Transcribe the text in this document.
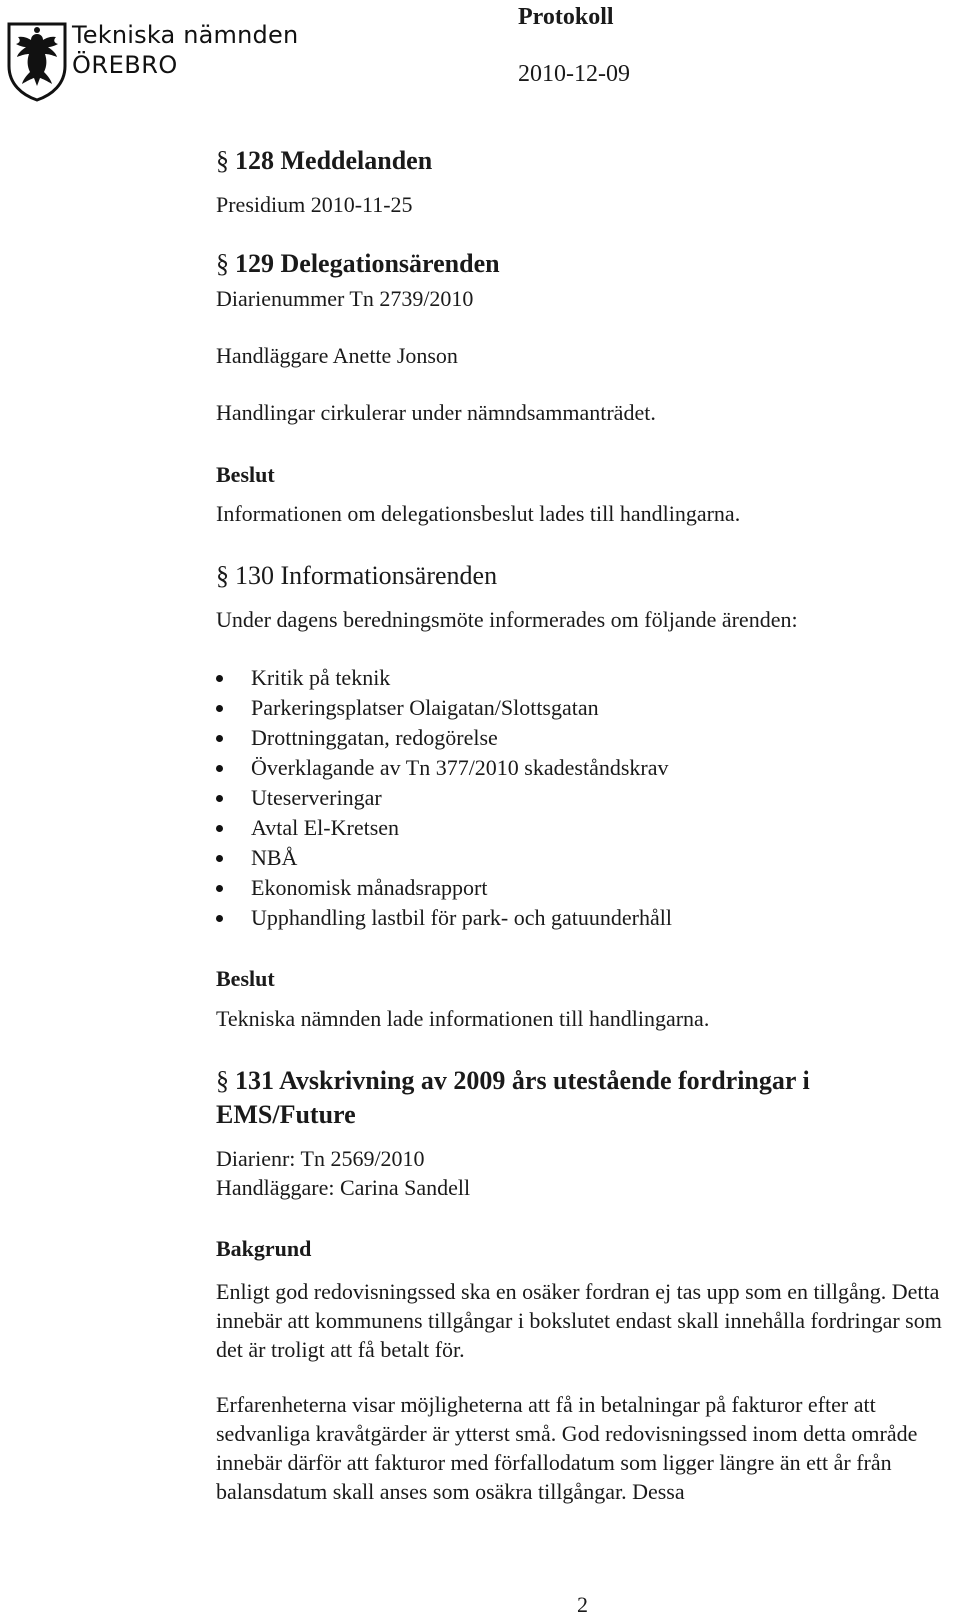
Tekniska nämnden
ÖREBRO
Protokoll
2010-12-09
§ 128 Meddelanden
Presidium 2010-11-25
§ 129 Delegationsärenden
Diarienummer Tn 2739/2010
Handläggare Anette Jonson
Handlingar cirkulerar under nämndsammanträdet.
Beslut
Informationen om delegationsbeslut lades till handlingarna.
§ 130 Informationsärenden
Under dagens beredningsmöte informerades om följande ärenden:
Kritik på teknik
Parkeringsplatser Olaigatan/Slottsgatan
Drottninggatan, redogörelse
Överklagande av Tn 377/2010 skadeståndskrav
Uteserveringar
Avtal El-Kretsen
NBÅ
Ekonomisk månadsrapport
Upphandling lastbil för park- och gatuunderhåll
Beslut
Tekniska nämnden lade informationen till handlingarna.
§ 131 Avskrivning av 2009 års utestående fordringar i
EMS/Future
Diarienr: Tn 2569/2010
Handläggare: Carina Sandell
Bakgrund
Enligt god redovisningssed ska en osäker fordran ej tas upp som en tillgång. Detta innebär att kommunens tillgångar i bokslutet endast skall innehålla fordringar som det är troligt att få betalt för.
Erfarenheterna visar möjligheterna att få in betalningar på fakturor efter att sedvanliga kravåtgärder är ytterst små. God redovisningssed inom detta område innebär därför att fakturor med förfallodatum som ligger längre än ett år från balansdatum skall anses som osäkra tillgångar. Dessa
2
